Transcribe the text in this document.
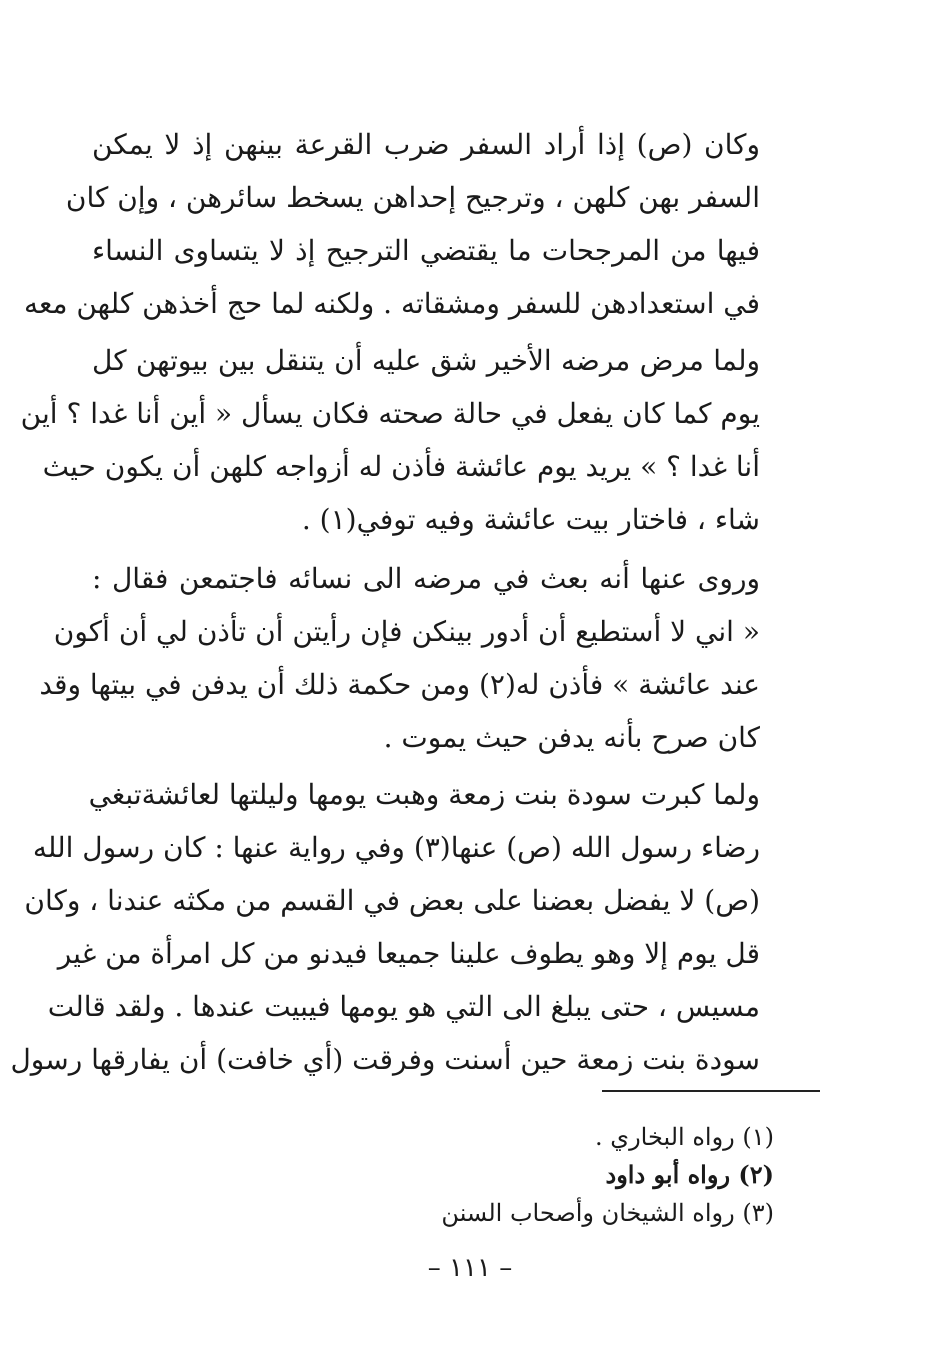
وكان (ص) إذا أراد السفر ضرب القرعة بينهن إذ لا يمكن
السفر بهن كلهن ، وترجيح إحداهن يسخط سائرهن ، وإن كان
فيها من المرجحات ما يقتضي الترجيح إذ لا يتساوى النساء
في استعدادهن للسفر ومشقاته . ولكنه لما حج أخذهن كلهن معه
ولما مرض مرضه الأخير شق عليه أن يتنقل بين بيوتهن كل
يوم كما كان يفعل في حالة صحته فكان يسأل « أين أنا غدا ؟ أين
أنا غدا ؟ » يريد يوم عائشة فأذن له أزواجه كلهن أن يكون حيث
شاء ، فاختار بيت عائشة وفيه توفي(١) .
وروى عنها أنه بعث في مرضه الى نسائه فاجتمعن فقال :
« اني لا أستطيع أن أدور بينكن فإن رأيتن أن تأذن لي أن أكون
عند عائشة » فأذن له(٢) ومن حكمة ذلك أن يدفن في بيتها وقد
كان صرح بأنه يدفن حيث يموت .
ولما كبرت سودة بنت زمعة وهبت يومها وليلتها لعائشةتبغي
رضاء رسول الله (ص) عنها(٣) وفي رواية عنها : كان رسول الله
(ص) لا يفضل بعضنا على بعض في القسم من مكثه عندنا ، وكان
قل يوم إلا وهو يطوف علينا جميعا فيدنو من كل امرأة من غير
مسيس ، حتى يبلغ الى التي هو يومها فيبيت عندها . ولقد قالت
سودة بنت زمعة حين أسنت وفرقت (أي خافت) أن يفارقها رسول
(١) رواه البخاري .
(٢) رواه أبو داود
(٣) رواه الشيخان وأصحاب السنن
– ١١١ –
